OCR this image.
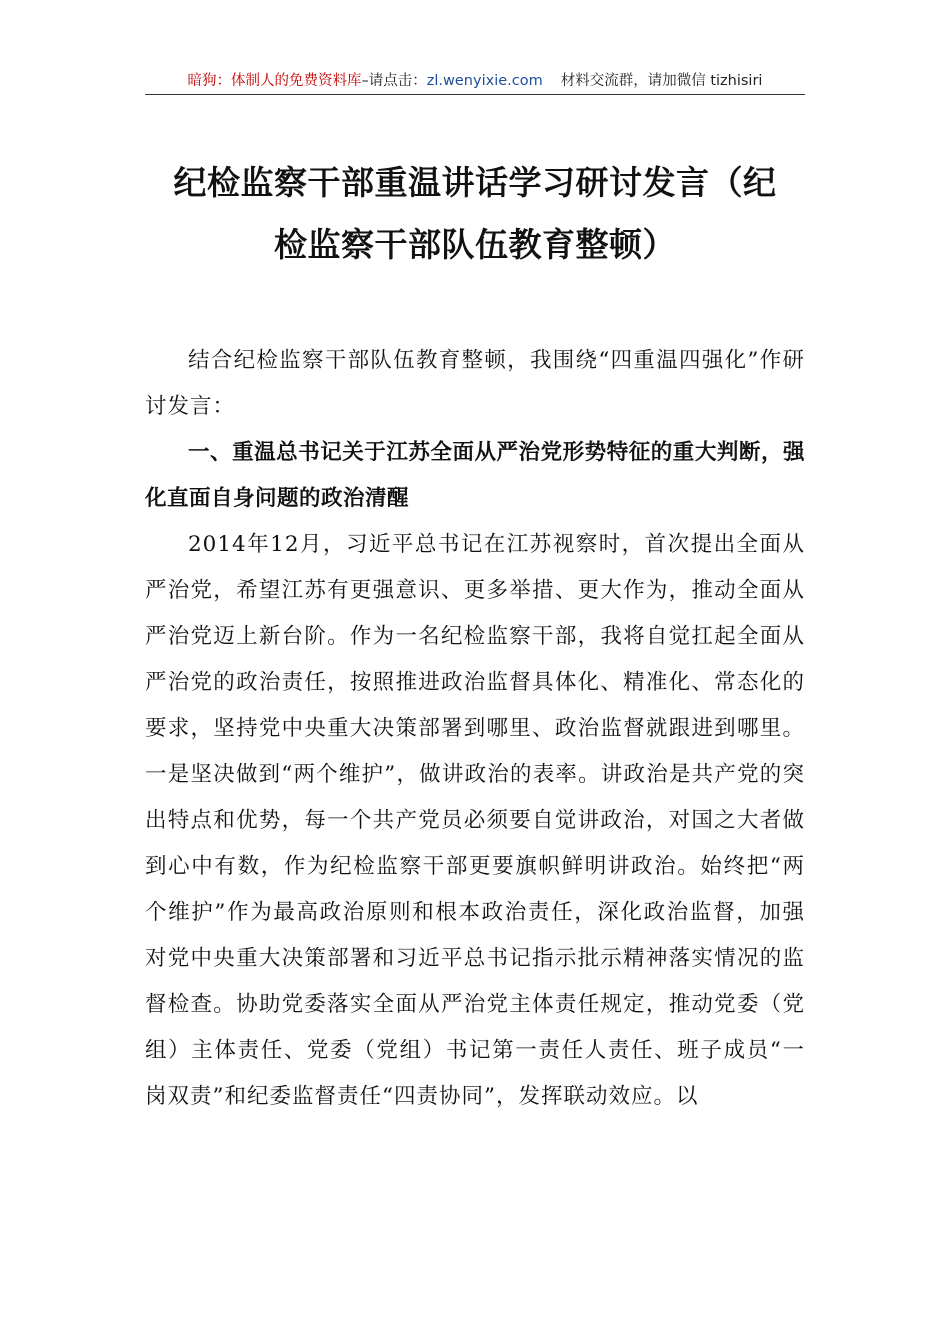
暗狗：体制人的免费资料库–请点击：zl.wenyixie.com 材料交流群，请加微信 tizhisiri
纪检监察干部重温讲话学习研讨发言（纪
检监察干部队伍教育整顿）

结合纪检监察干部队伍教育整顿，我围绕“四重温四强化”作研讨发言：

一、重温总书记关于江苏全面从严治党形势特征的重大判断，强化直面自身问题的政治清醒

2014年12月，习近平总书记在江苏视察时，首次提出全面从严治党，希望江苏有更强意识、更多举措、更大作为，推动全面从严治党迈上新台阶。作为一名纪检监察干部，我将自觉扛起全面从严治党的政治责任，按照推进政治监督具体化、精准化、常态化的要求，坚持党中央重大决策部署到哪里、政治监督就跟进到哪里。一是坚决做到“两个维护”，做讲政治的表率。讲政治是共产党的突出特点和优势，每一个共产党员必须要自觉讲政治，对国之大者做到心中有数，作为纪检监察干部更要旗帜鲜明讲政治。始终把“两个维护”作为最高政治原则和根本政治责任，深化政治监督，加强对党中央重大决策部署和习近平总书记指示批示精神落实情况的监督检查。协助党委落实全面从严治党主体责任规定，推动党委（党组）主体责任、党委（党组）书记第一责任人责任、班子成员“一岗双责”和纪委监督责任“四责协同”，发挥联动效应。以
